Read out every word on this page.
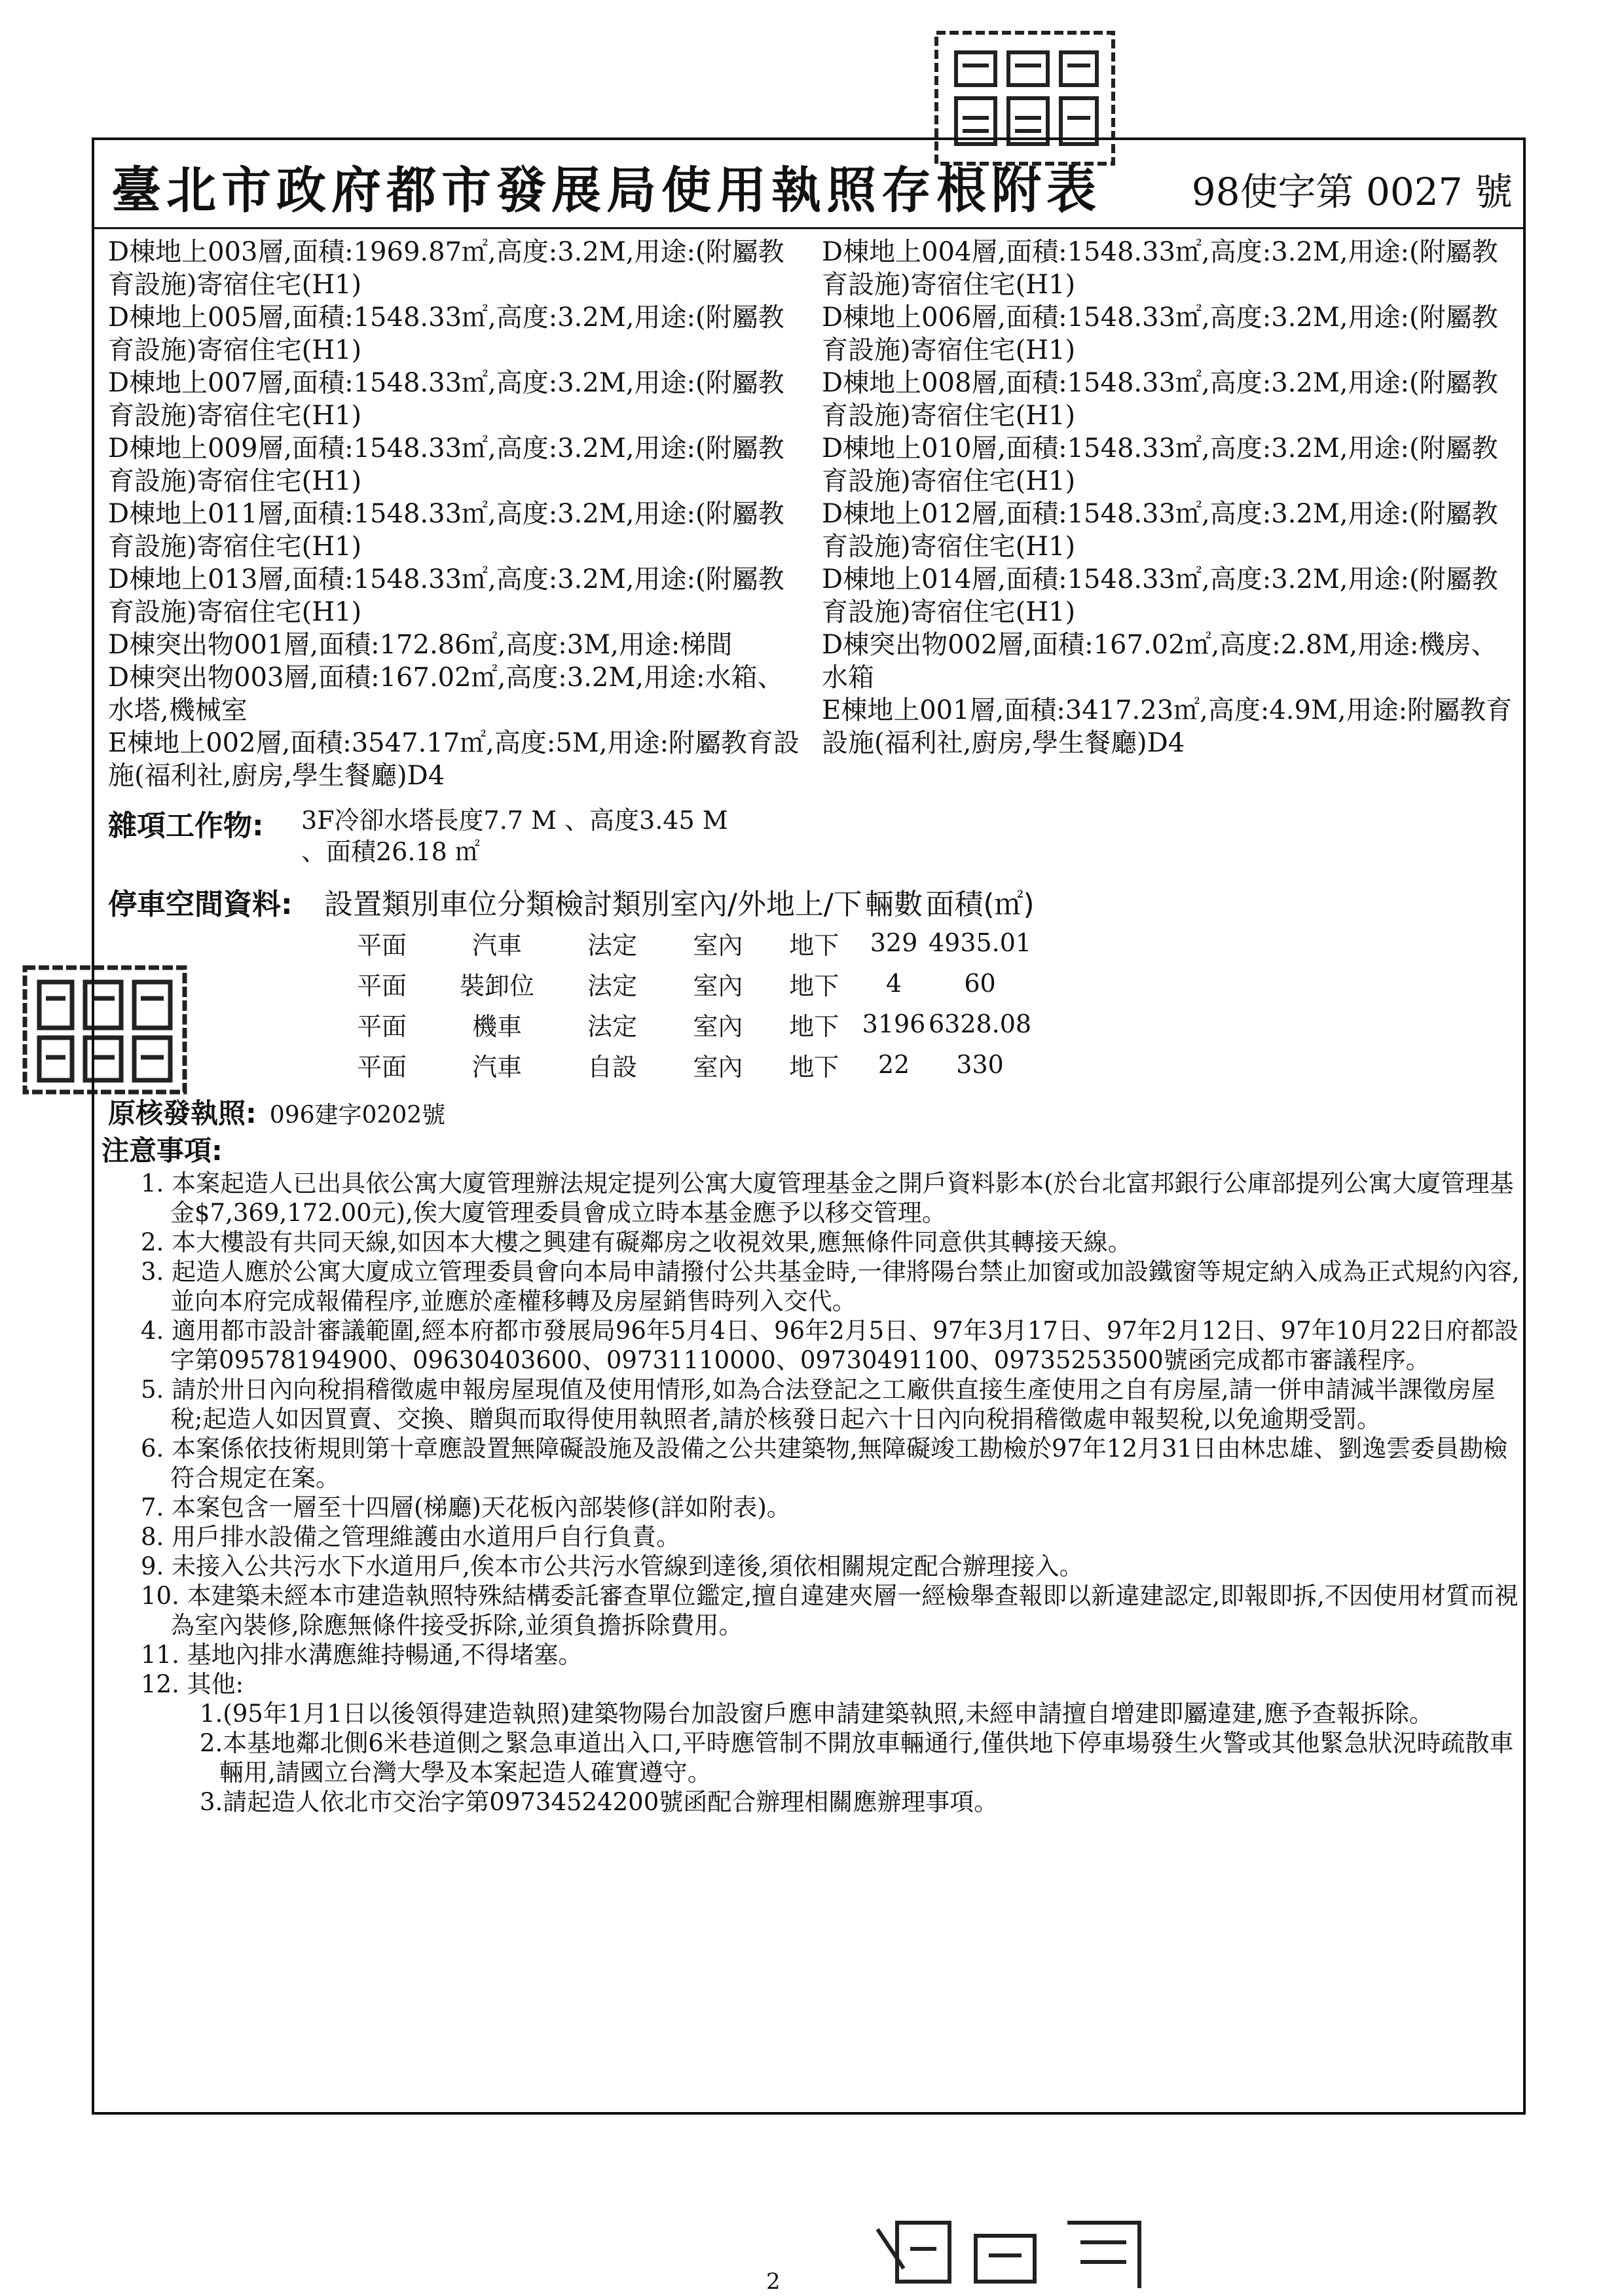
臺北市政府都市發展局使用執照存根附表 98使字第 0027 號
D棟地上003層,面積:1969.87㎡,高度:3.2M,用途:(附屬教育設施)寄宿住宅(H1)
D棟地上005層,面積:1548.33㎡,高度:3.2M,用途:(附屬教育設施)寄宿住宅(H1)
D棟地上007層,面積:1548.33㎡,高度:3.2M,用途:(附屬教育設施)寄宿住宅(H1)
D棟地上009層,面積:1548.33㎡,高度:3.2M,用途:(附屬教育設施)寄宿住宅(H1)
D棟地上011層,面積:1548.33㎡,高度:3.2M,用途:(附屬教育設施)寄宿住宅(H1)
D棟地上013層,面積:1548.33㎡,高度:3.2M,用途:(附屬教育設施)寄宿住宅(H1)
D棟突出物001層,面積:172.86㎡,高度:3M,用途:梯間
D棟突出物003層,面積:167.02㎡,高度:3.2M,用途:水箱、水塔,機械室
E棟地上002層,面積:3547.17㎡,高度:5M,用途:附屬教育設施(福利社,廚房,學生餐廳)D4
D棟地上004層,面積:1548.33㎡,高度:3.2M,用途:(附屬教育設施)寄宿住宅(H1)
D棟地上006層,面積:1548.33㎡,高度:3.2M,用途:(附屬教育設施)寄宿住宅(H1)
D棟地上008層,面積:1548.33㎡,高度:3.2M,用途:(附屬教育設施)寄宿住宅(H1)
D棟地上010層,面積:1548.33㎡,高度:3.2M,用途:(附屬教育設施)寄宿住宅(H1)
D棟地上012層,面積:1548.33㎡,高度:3.2M,用途:(附屬教育設施)寄宿住宅(H1)
D棟地上014層,面積:1548.33㎡,高度:3.2M,用途:(附屬教育設施)寄宿住宅(H1)
D棟突出物002層,面積:167.02㎡,高度:2.8M,用途:機房、水箱
E棟地上001層,面積:3417.23㎡,高度:4.9M,用途:附屬教育設施(福利社,廚房,學生餐廳)D4
雜項工作物: 3F冷卻水塔長度7.7 M 、高度3.45 M
、面積26.18 ㎡
停車空間資料: 設置類別	車位分類	檢討類別	室內/外	地上/下	輛數	面積(㎡)
平面	汽車	法定	室內	地下	329	4935.01
平面	裝卸位	法定	室內	地下	4	60
平面	機車	法定	室內	地下	3196	6328.08
平面	汽車	自設	室內	地下	22	330
原核發執照: 096建字0202號
注意事項:
1. 本案起造人已出具依公寓大廈管理辦法規定提列公寓大廈管理基金之開戶資料影本(於台北富邦銀行公庫部提列公寓大廈管理基金$7,369,172.00元),俟大廈管理委員會成立時本基金應予以移交管理。
2. 本大樓設有共同天線,如因本大樓之興建有礙鄰房之收視效果,應無條件同意供其轉接天線。
3. 起造人應於公寓大廈成立管理委員會向本局申請撥付公共基金時,一律將陽台禁止加窗或加設鐵窗等規定納入成為正式規約內容,並向本府完成報備程序,並應於產權移轉及房屋銷售時列入交代。
4. 適用都市設計審議範圍,經本府都市發展局96年5月4日、96年2月5日、97年3月17日、97年2月12日、97年10月22日府都設字第09578194900、09630403600、09731110000、09730491100、09735253500號函完成都市審議程序。
5. 請於卅日內向稅捐稽徵處申報房屋現值及使用情形,如為合法登記之工廠供直接生產使用之自有房屋,請一併申請減半課徵房屋稅;起造人如因買賣、交換、贈與而取得使用執照者,請於核發日起六十日內向稅捐稽徵處申報契稅,以免逾期受罰。
6. 本案係依技術規則第十章應設置無障礙設施及設備之公共建築物,無障礙竣工勘檢於97年12月31日由林忠雄、劉逸雲委員勘檢符合規定在案。
7. 本案包含一層至十四層(梯廳)天花板內部裝修(詳如附表)。
8. 用戶排水設備之管理維護由水道用戶自行負責。
9. 未接入公共污水下水道用戶,俟本市公共污水管線到達後,須依相關規定配合辦理接入。
10. 本建築未經本市建造執照特殊結構委託審查單位鑑定,擅自違建夾層一經檢舉查報即以新違建認定,即報即拆,不因使用材質而視為室內裝修,除應無條件接受拆除,並須負擔拆除費用。
11. 基地內排水溝應維持暢通,不得堵塞。
12. 其他:
1.(95年1月1日以後領得建造執照)建築物陽台加設窗戶應申請建築執照,未經申請擅自增建即屬違建,應予查報拆除。
2.本基地鄰北側6米巷道側之緊急車道出入口,平時應管制不開放車輛通行,僅供地下停車場發生火警或其他緊急狀況時疏散車輛用,請國立台灣大學及本案起造人確實遵守。
3.請起造人依北市交治字第09734524200號函配合辦理相關應辦理事項。
2
